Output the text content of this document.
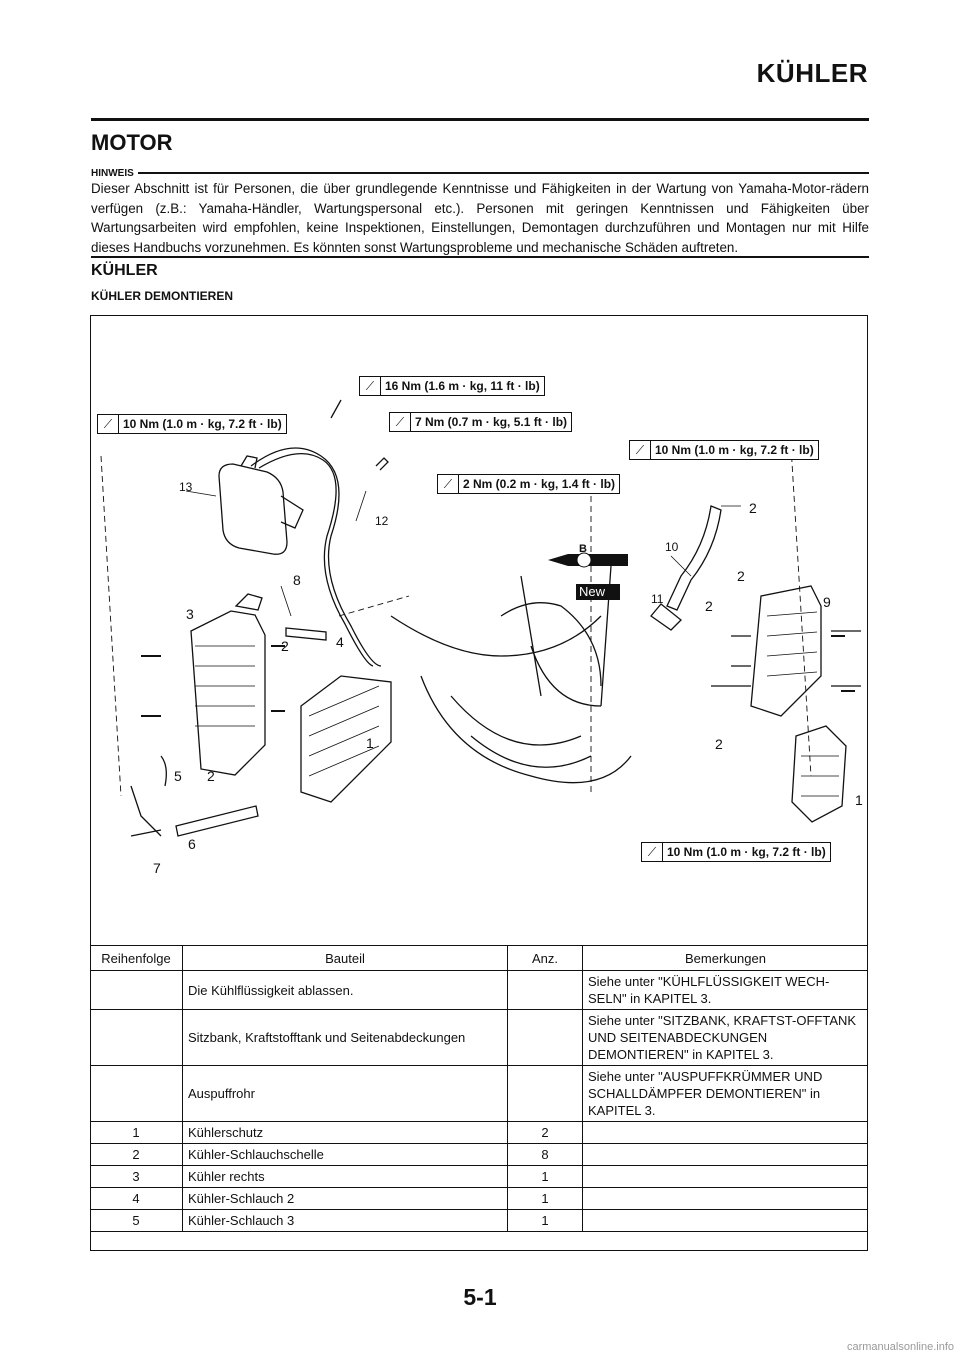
KÜHLER
MOTOR
HINWEIS
Dieser Abschnitt ist für Personen, die über grundlegende Kenntnisse und Fähigkeiten in der Wartung von Yamaha-Motor-rädern verfügen (z.B.: Yamaha-Händler, Wartungspersonal etc.). Personen mit geringen Kenntnissen und Fähigkeiten über Wartungsarbeiten wird empfohlen, keine Inspektionen, Einstellungen, Demontagen durchzuführen und Montagen nur mit Hilfe dieses Handbuchs vorzunehmen. Es könnten sonst Wartungsprobleme und mechanische Schäden auftreten.
KÜHLER
KÜHLER DEMONTIEREN
B
New
⟋ 16 Nm (1.6 m · kg, 11 ft · lb)
⟋ 10 Nm (1.0 m · kg, 7.2 ft · lb)	⟋ 7 Nm (0.7 m · kg, 5.1 ft · lb)
⟋ 10 Nm (1.0 m · kg, 7.2 ft · lb)
⟋ 2 Nm (0.2 m · kg, 1.4 ft · lb)
⟋ 10 Nm (1.0 m · kg, 7.2 ft · lb)
13
12
8
3
2	4
1
5 2
6
7
2
10
2
11	2	9
2
1
Reihenfolge	Bauteil	Anz.	Bemerkungen
	Die Kühlflüssigkeit ablassen.		Siehe unter "KÜHLFLÜSSIGKEIT WECH-SELN" in KAPITEL 3.
	Sitzbank, Kraftstofftank und Seitenabdeckungen		Siehe unter "SITZBANK, KRAFTST-OFFTANK UND SEITENABDECKUNGEN DEMONTIEREN" in KAPITEL 3.
	Auspuffrohr		Siehe unter "AUSPUFFKRÜMMER UND SCHALLDÄMPFER DEMONTIEREN" in KAPITEL 3.
1	Kühlerschutz	2	
2	Kühler-Schlauchschelle	8	
3	Kühler rechts	1	
4	Kühler-Schlauch 2	1	
5	Kühler-Schlauch 3	1	
5-1
carmanualsonline.info
